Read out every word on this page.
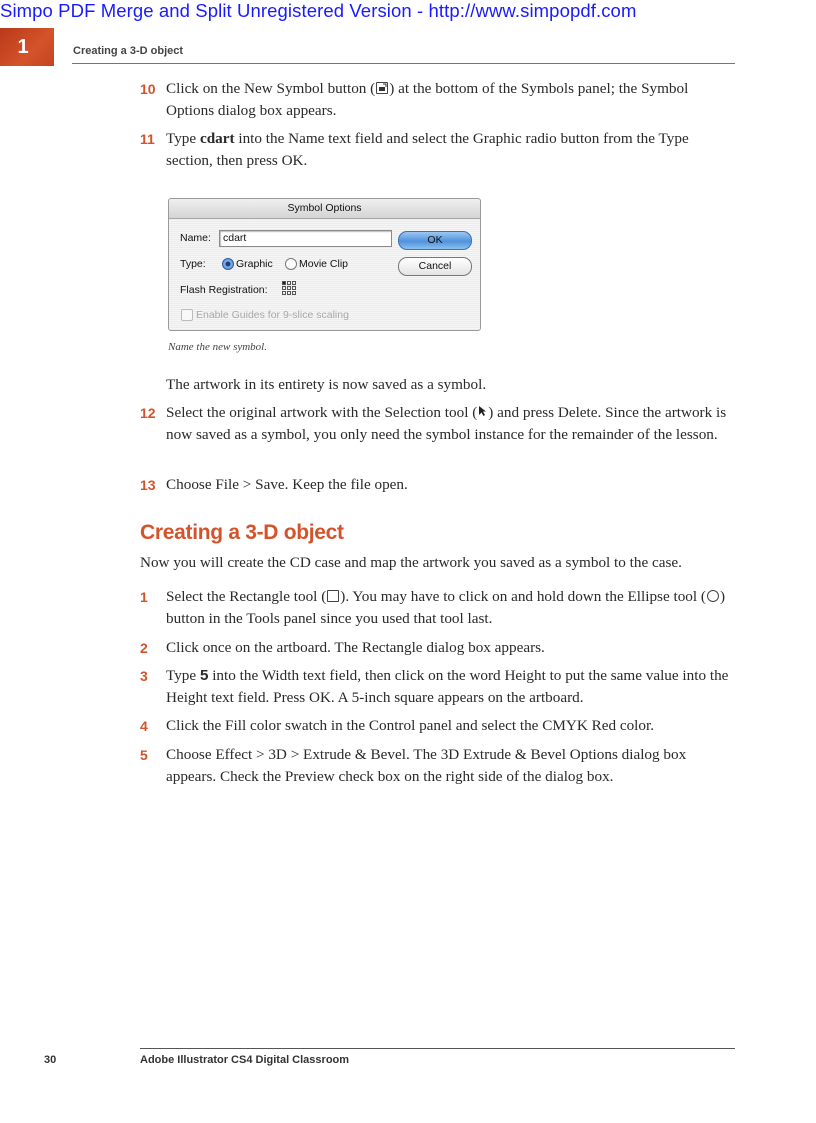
Simpo PDF Merge and Split Unregistered Version - http://www.simpopdf.com
1	Creating a 3-D object
10 Click on the New Symbol button ( ) at the bottom of the Symbols panel; the Symbol Options dialog box appears.
11 Type cdart into the Name text field and select the Graphic radio button from the Type section, then press OK.
Symbol Options
Name:	cdart	OK
Cancel
Type:	Graphic Movie Clip
Flash Registration:
Enable Guides for 9-slice scaling
Name the new symbol.
The artwork in its entirety is now saved as a symbol.
12 Select the original artwork with the Selection tool ( ) and press Delete. Since the artwork is now saved as a symbol, you only need the symbol instance for the remainder of the lesson.
13 Choose File > Save. Keep the file open.
Creating a 3-D object
Now you will create the CD case and map the artwork you saved as a symbol to the case.
1 Select the Rectangle tool ( ). You may have to click on and hold down the Ellipse tool ( ) button in the Tools panel since you used that tool last.
2 Click once on the artboard. The Rectangle dialog box appears.
3 Type 5 into the Width text field, then click on the word Height to put the same value into the Height text field. Press OK. A 5-inch square appears on the artboard.
4 Click the Fill color swatch in the Control panel and select the CMYK Red color.
5 Choose Effect > 3D > Extrude & Bevel. The 3D Extrude & Bevel Options dialog box appears. Check the Preview check box on the right side of the dialog box.
30	Adobe Illustrator CS4 Digital Classroom
